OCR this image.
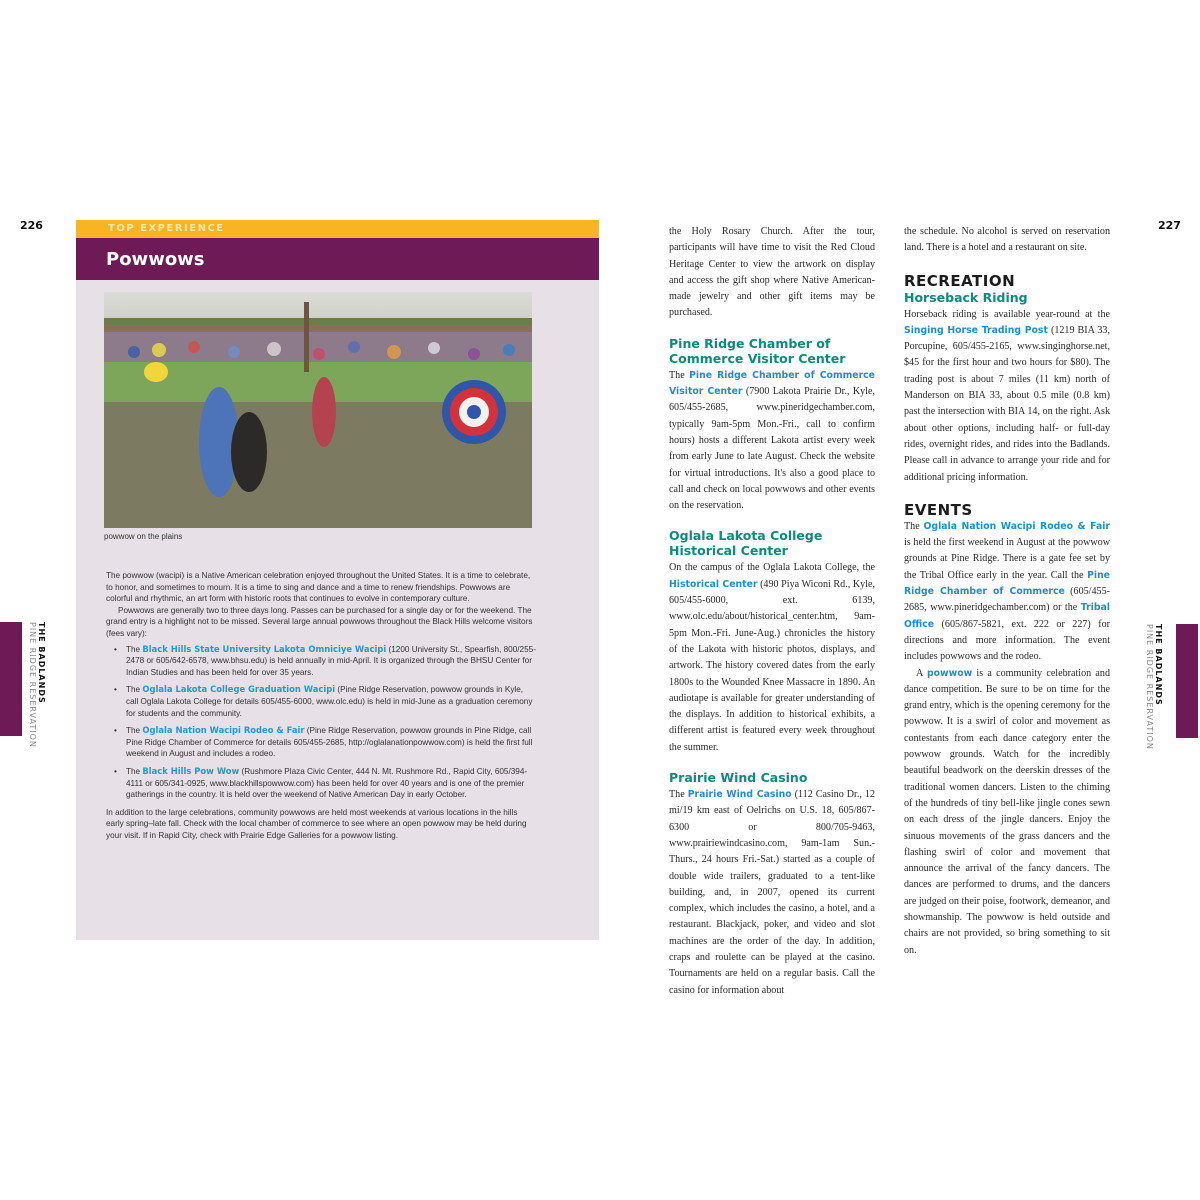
226	227
THE BADLANDS
PINE RIDGE RESERVATION	THE BADLANDS
PINE RIDGE RESERVATION
TOP EXPERIENCE
Powwows
powwow on the plains

The powwow (wacipi) is a Native American celebration enjoyed throughout the United States. It is a time to celebrate, to honor, and sometimes to mourn. It is a time to sing and dance and a time to renew friendships. Powwows are colorful and rhythmic, an art form with historic roots that continues to evolve in contemporary culture.

Powwows are generally two to three days long. Passes can be purchased for a single day or for the weekend. The grand entry is a highlight not to be missed. Several large annual powwows throughout the Black Hills welcome visitors (fees vary):

• The Black Hills State University Lakota Omniciye Wacipi (1200 University St., Spearfish, 800/255-2478 or 605/642-6578, www.bhsu.edu) is held annually in mid-April. It is organized through the BHSU Center for Indian Studies and has been held for over 35 years.
• The Oglala Lakota College Graduation Wacipi (Pine Ridge Reservation, powwow grounds in Kyle, call Oglala Lakota College for details 605/455-6000, www.olc.edu) is held in mid-June as a graduation ceremony for students and the community.
• The Oglala Nation Wacipi Rodeo & Fair (Pine Ridge Reservation, powwow grounds in Pine Ridge, call Pine Ridge Chamber of Commerce for details 605/455-2685, http://oglalanationpowwow.com) is held the first full weekend in August and includes a rodeo.
• The Black Hills Pow Wow (Rushmore Plaza Civic Center, 444 N. Mt. Rushmore Rd., Rapid City, 605/394-4111 or 605/341-0925, www.blackhillspowwow.com) has been held for over 40 years and is one of the premier gatherings in the country. It is held over the weekend of Native American Day in early October.

In addition to the large celebrations, community powwows are held most weekends at various locations in the hills early spring–late fall. Check with the local chamber of commerce to see where an open powwow may be held during your visit. If in Rapid City, check with Prairie Edge Galleries for a powwow listing.

the Holy Rosary Church. After the tour, participants will have time to visit the Red Cloud Heritage Center to view the artwork on display and access the gift shop where Native American-made jewelry and other gift items may be purchased.

Pine Ridge Chamber of Commerce Visitor Center

The Pine Ridge Chamber of Commerce Visitor Center (7900 Lakota Prairie Dr., Kyle, 605/455-2685, www.pineridgechamber.com, typically 9am-5pm Mon.-Fri., call to confirm hours) hosts a different Lakota artist every week from early June to late August. Check the website for virtual introductions. It's also a good place to call and check on local powwows and other events on the reservation.

Oglala Lakota College Historical Center

On the campus of the Oglala Lakota College, the Historical Center (490 Piya Wiconi Rd., Kyle, 605/455-6000, ext. 6139, www.olc.edu/about/historical_center.htm, 9am-5pm Mon.-Fri. June-Aug.) chronicles the history of the Lakota with historic photos, displays, and artwork. The history covered dates from the early 1800s to the Wounded Knee Massacre in 1890. An audiotape is available for greater understanding of the displays. In addition to historical exhibits, a different artist is featured every week throughout the summer.

Prairie Wind Casino

The Prairie Wind Casino (112 Casino Dr., 12 mi/19 km east of Oelrichs on U.S. 18, 605/867-6300 or 800/705-9463, www.prairiewindcasino.com, 9am-1am Sun.-Thurs., 24 hours Fri.-Sat.) started as a couple of double wide trailers, graduated to a tent-like building, and, in 2007, opened its current complex, which includes the casino, a hotel, and a restaurant. Blackjack, poker, and video and slot machines are the order of the day. In addition, craps and roulette can be played at the casino. Tournaments are held on a regular basis. Call the casino for information about

the schedule. No alcohol is served on reservation land. There is a hotel and a restaurant on site.

RECREATION
Horseback Riding

Horseback riding is available year-round at the Singing Horse Trading Post (1219 BIA 33, Porcupine, 605/455-2165, www.singinghorse.net, $45 for the first hour and two hours for $80). The trading post is about 7 miles (11 km) north of Manderson on BIA 33, about 0.5 mile (0.8 km) past the intersection with BIA 14, on the right. Ask about other options, including half- or full-day rides, overnight rides, and rides into the Badlands. Please call in advance to arrange your ride and for additional pricing information.

EVENTS

The Oglala Nation Wacipi Rodeo & Fair is held the first weekend in August at the powwow grounds at Pine Ridge. There is a gate fee set by the Tribal Office early in the year. Call the Pine Ridge Chamber of Commerce (605/455-2685, www.pineridgechamber.com) or the Tribal Office (605/867-5821, ext. 222 or 227) for directions and more information. The event includes powwows and the rodeo.

A powwow is a community celebration and dance competition. Be sure to be on time for the grand entry, which is the opening ceremony for the powwow. It is a swirl of color and movement as contestants from each dance category enter the powwow grounds. Watch for the incredibly beautiful beadwork on the deerskin dresses of the traditional women dancers. Listen to the chiming of the hundreds of tiny bell-like jingle cones sewn on each dress of the jingle dancers. Enjoy the sinuous movements of the grass dancers and the flashing swirl of color and movement that announce the arrival of the fancy dancers. The dances are performed to drums, and the dancers are judged on their poise, footwork, demeanor, and showmanship. The powwow is held outside and chairs are not provided, so bring something to sit on.
